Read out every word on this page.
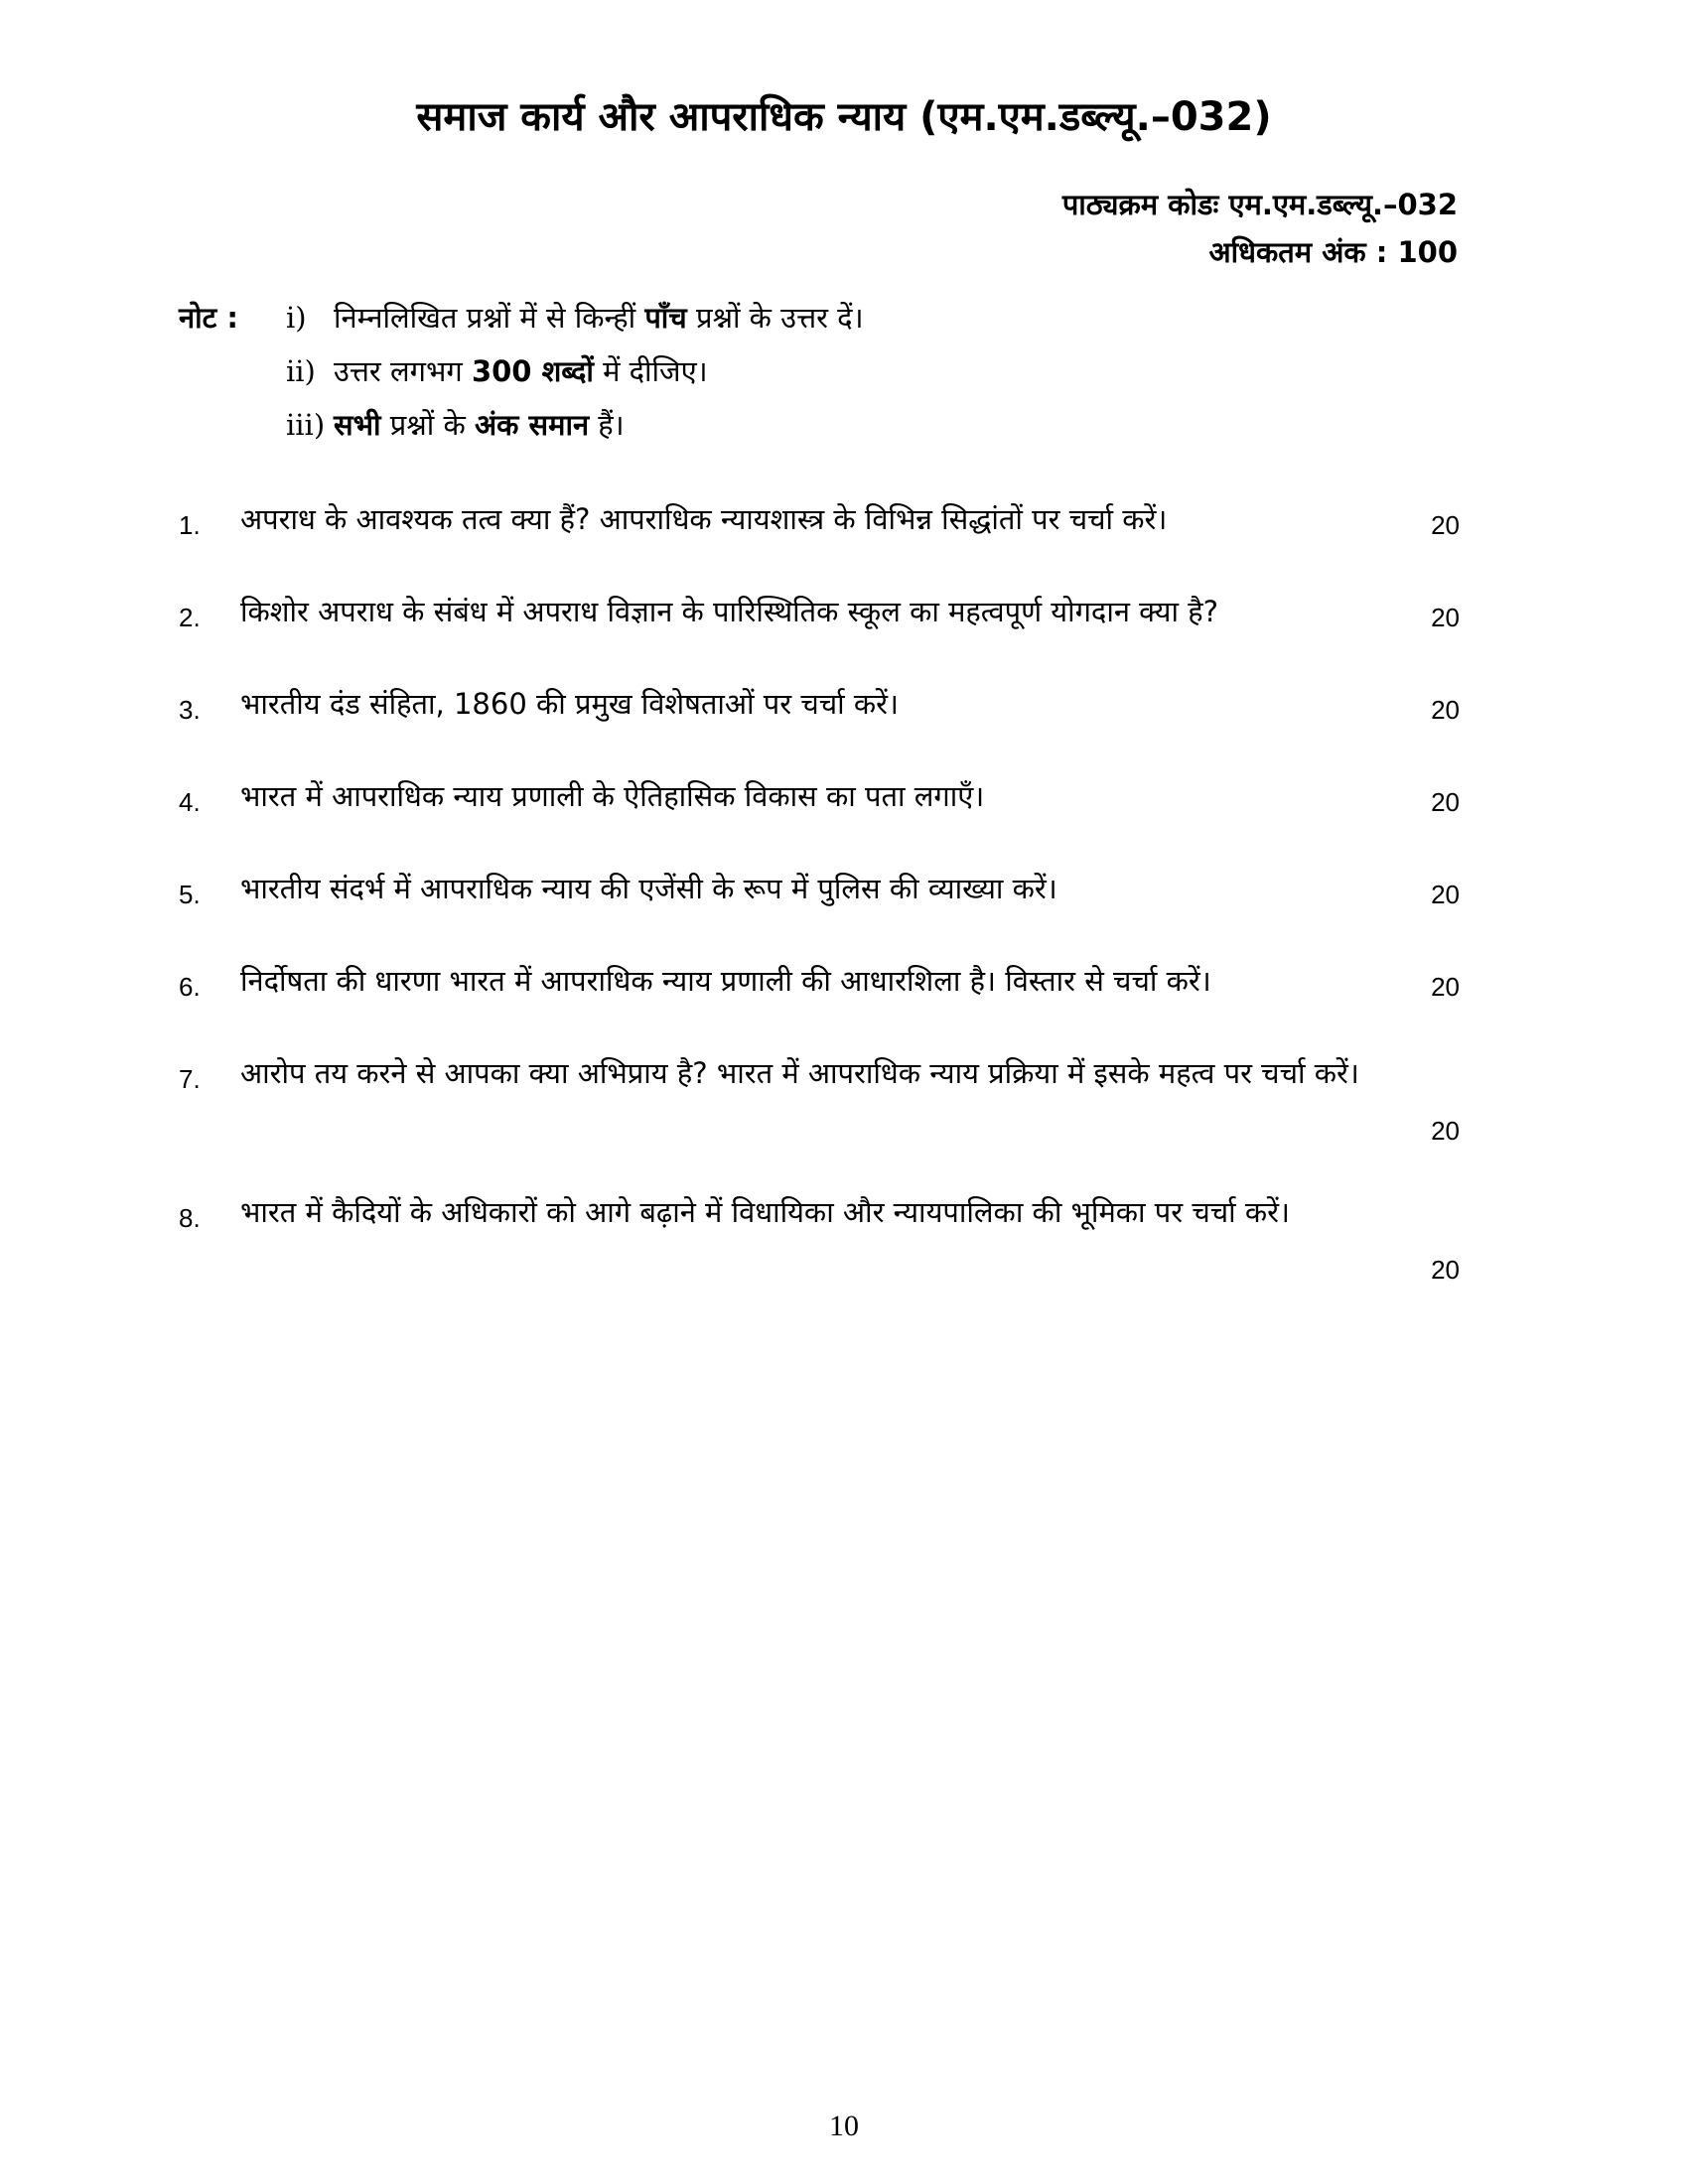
समाज कार्य और आपराधिक न्याय (एम.एम.डब्ल्यू.–032)
पाठ्यक्रम कोडः एम.एम.डब्ल्यू.–032
अधिकतम अंक : 100
नोट : i) निम्नलिखित प्रश्नों में से किन्हीं पाँच प्रश्नों के उत्तर दें।
ii) उत्तर लगभग 300 शब्दों में दीजिए।
iii) सभी प्रश्नों के अंक समान हैं।
1. अपराध के आवश्यक तत्व क्या हैं? आपराधिक न्यायशास्त्र के विभिन्न सिद्धांतों पर चर्चा करें।	20
2. किशोर अपराध के संबंध में अपराध विज्ञान के पारिस्थितिक स्कूल का महत्वपूर्ण योगदान क्या है?	20
3. भारतीय दंड संहिता, 1860 की प्रमुख विशेषताओं पर चर्चा करें।	20
4. भारत में आपराधिक न्याय प्रणाली के ऐतिहासिक विकास का पता लगाएँ।	20
5. भारतीय संदर्भ में आपराधिक न्याय की एजेंसी के रूप में पुलिस की व्याख्या करें।	20
6. निर्दोषता की धारणा भारत में आपराधिक न्याय प्रणाली की आधारशिला है। विस्तार से चर्चा करें।	20
7. आरोप तय करने से आपका क्या अभिप्राय है? भारत में आपराधिक न्याय प्रक्रिया में इसके महत्व पर चर्चा करें।
20
8. भारत में कैदियों के अधिकारों को आगे बढ़ाने में विधायिका और न्यायपालिका की भूमिका पर चर्चा करें।
20
10
